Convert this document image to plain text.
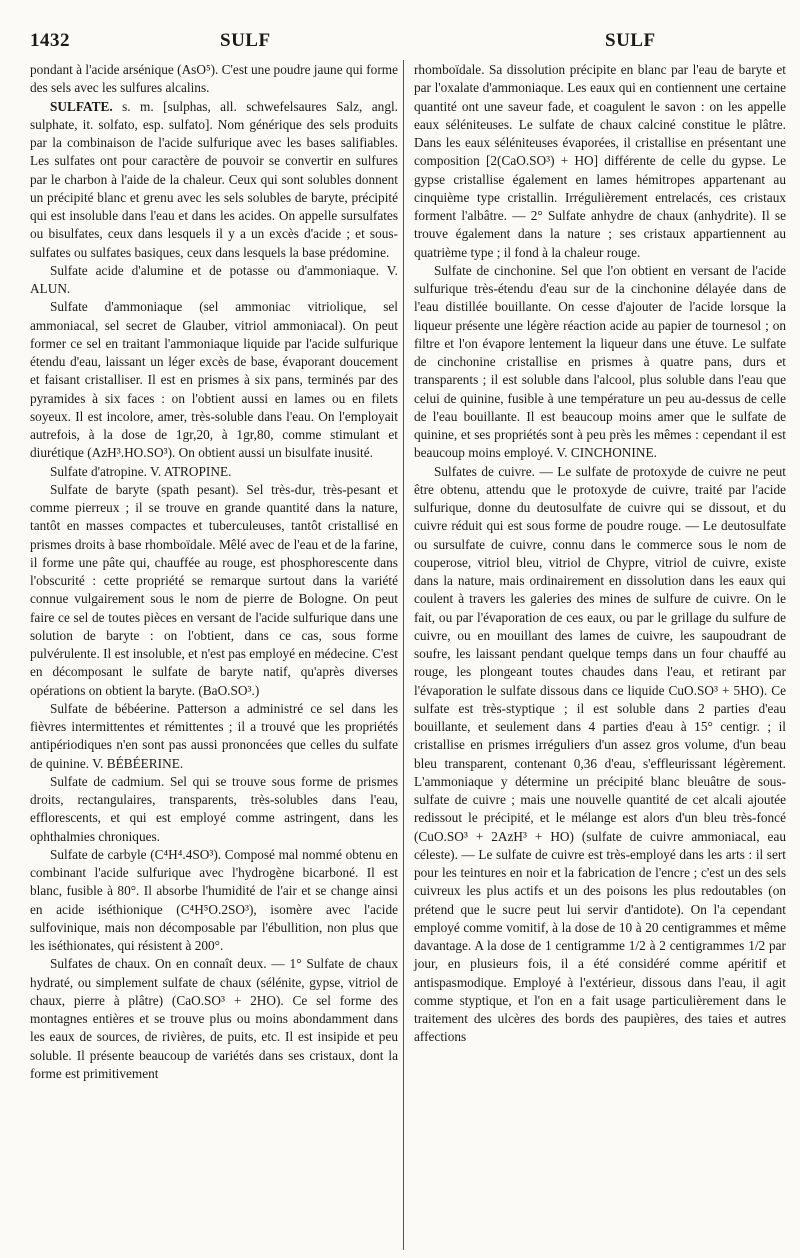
1432	SULF	SULF

pondant à l'acide arsénique (AsO⁵). C'est une poudre jaune qui forme des sels avec les sulfures alcalins.

SULFATE. s. m. [sulphas, all. schwefelsaures Salz, angl. sulphate, it. solfato, esp. sulfato]. Nom générique des sels produits par la combinaison de l'acide sulfurique avec les bases salifiables. Les sulfates ont pour caractère de pouvoir se convertir en sulfures par le charbon à l'aide de la chaleur. Ceux qui sont solubles donnent un précipité blanc et grenu avec les sels solubles de baryte, précipité qui est insoluble dans l'eau et dans les acides. On appelle sursulfates ou bisulfates, ceux dans lesquels il y a un excès d'acide ; et sous-sulfates ou sulfates basiques, ceux dans lesquels la base prédomine.

Sulfate acide d'alumine et de potasse ou d'ammoniaque. V. ALUN.

Sulfate d'ammoniaque (sel ammoniac vitriolique, sel ammoniacal, sel secret de Glauber, vitriol ammoniacal). On peut former ce sel en traitant l'ammoniaque liquide par l'acide sulfurique étendu d'eau, laissant un léger excès de base, évaporant doucement et faisant cristalliser. Il est en prismes à six pans, terminés par des pyramides à six faces : on l'obtient aussi en lames ou en filets soyeux. Il est incolore, amer, très-soluble dans l'eau. On l'employait autrefois, à la dose de 1gr,20, à 1gr,80, comme stimulant et diurétique (AzH³.HO.SO³). On obtient aussi un bisulfate inusité.

Sulfate d'atropine. V. ATROPINE.

Sulfate de baryte (spath pesant). Sel très-dur, très-pesant et comme pierreux ; il se trouve en grande quantité dans la nature, tantôt en masses compactes et tuberculeuses, tantôt cristallisé en prismes droits à base rhomboïdale. Mêlé avec de l'eau et de la farine, il forme une pâte qui, chauffée au rouge, est phosphorescente dans l'obscurité : cette propriété se remarque surtout dans la variété connue vulgairement sous le nom de pierre de Bologne. On peut faire ce sel de toutes pièces en versant de l'acide sulfurique dans une solution de baryte : on l'obtient, dans ce cas, sous forme pulvérulente. Il est insoluble, et n'est pas employé en médecine. C'est en décomposant le sulfate de baryte natif, qu'après diverses opérations on obtient la baryte. (BaO.SO³.)

Sulfate de bébéerine. Patterson a administré ce sel dans les fièvres intermittentes et rémittentes ; il a trouvé que les propriétés antipériodiques n'en sont pas aussi prononcées que celles du sulfate de quinine. V. BÉBÉERINE.

Sulfate de cadmium. Sel qui se trouve sous forme de prismes droits, rectangulaires, transparents, très-solubles dans l'eau, efflorescents, et qui est employé comme astringent, dans les ophthalmies chroniques.

Sulfate de carbyle (C⁴H⁴.4SO³). Composé mal nommé obtenu en combinant l'acide sulfurique avec l'hydrogène bicarboné. Il est blanc, fusible à 80°. Il absorbe l'humidité de l'air et se change ainsi en acide iséthionique (C⁴H⁵O.2SO³), isomère avec l'acide sulfovinique, mais non décomposable par l'ébullition, non plus que les iséthionates, qui résistent à 200°.

Sulfates de chaux. On en connaît deux. — 1° Sulfate de chaux hydraté, ou simplement sulfate de chaux (sélénite, gypse, vitriol de chaux, pierre à plâtre) (CaO.SO³ + 2HO). Ce sel forme des montagnes entières et se trouve plus ou moins abondamment dans les eaux de sources, de rivières, de puits, etc. Il est insipide et peu soluble. Il présente beaucoup de variétés dans ses cristaux, dont la forme est primitivement

rhomboïdale. Sa dissolution précipite en blanc par l'eau de baryte et par l'oxalate d'ammoniaque. Les eaux qui en contiennent une certaine quantité ont une saveur fade, et coagulent le savon : on les appelle eaux séléniteuses. Le sulfate de chaux calciné constitue le plâtre. Dans les eaux séléniteuses évaporées, il cristallise en présentant une composition [2(CaO.SO³) + HO] différente de celle du gypse. Le gypse cristallise également en lames hémitropes appartenant au cinquième type cristallin. Irrégulièrement entrelacés, ces cristaux forment l'albâtre. — 2° Sulfate anhydre de chaux (anhydrite). Il se trouve également dans la nature ; ses cristaux appartiennent au quatrième type ; il fond à la chaleur rouge.

Sulfate de cinchonine. Sel que l'on obtient en versant de l'acide sulfurique très-étendu d'eau sur de la cinchonine délayée dans de l'eau distillée bouillante. On cesse d'ajouter de l'acide lorsque la liqueur présente une légère réaction acide au papier de tournesol ; on filtre et l'on évapore lentement la liqueur dans une étuve. Le sulfate de cinchonine cristallise en prismes à quatre pans, durs et transparents ; il est soluble dans l'alcool, plus soluble dans l'eau que celui de quinine, fusible à une température un peu au-dessus de celle de l'eau bouillante. Il est beaucoup moins amer que le sulfate de quinine, et ses propriétés sont à peu près les mêmes : cependant il est beaucoup moins employé. V. CINCHONINE.

Sulfates de cuivre. — Le sulfate de protoxyde de cuivre ne peut être obtenu, attendu que le protoxyde de cuivre, traité par l'acide sulfurique, donne du deutosulfate de cuivre qui se dissout, et du cuivre réduit qui est sous forme de poudre rouge. — Le deutosulfate ou sursulfate de cuivre, connu dans le commerce sous le nom de couperose, vitriol bleu, vitriol de Chypre, vitriol de cuivre, existe dans la nature, mais ordinairement en dissolution dans les eaux qui coulent à travers les galeries des mines de sulfure de cuivre. On le fait, ou par l'évaporation de ces eaux, ou par le grillage du sulfure de cuivre, ou en mouillant des lames de cuivre, les saupoudrant de soufre, les laissant pendant quelque temps dans un four chauffé au rouge, les plongeant toutes chaudes dans l'eau, et retirant par l'évaporation le sulfate dissous dans ce liquide CuO.SO³ + 5HO). Ce sulfate est très-styptique ; il est soluble dans 2 parties d'eau bouillante, et seulement dans 4 parties d'eau à 15° centigr. ; il cristallise en prismes irréguliers d'un assez gros volume, d'un beau bleu transparent, contenant 0,36 d'eau, s'effleurissant légèrement. L'ammoniaque y détermine un précipité blanc bleuâtre de sous-sulfate de cuivre ; mais une nouvelle quantité de cet alcali ajoutée redissout le précipité, et le mélange est alors d'un bleu très-foncé (CuO.SO³ + 2AzH³ + HO) (sulfate de cuivre ammoniacal, eau céleste). — Le sulfate de cuivre est très-employé dans les arts : il sert pour les teintures en noir et la fabrication de l'encre ; c'est un des sels cuivreux les plus actifs et un des poisons les plus redoutables (on prétend que le sucre peut lui servir d'antidote). On l'a cependant employé comme vomitif, à la dose de 10 à 20 centigrammes et même davantage. A la dose de 1 centigramme 1/2 à 2 centigrammes 1/2 par jour, en plusieurs fois, il a été considéré comme apéritif et antispasmodique. Employé à l'extérieur, dissous dans l'eau, il agit comme styptique, et l'on en a fait usage particulièrement dans le traitement des ulcères des bords des paupières, des taies et autres affections
